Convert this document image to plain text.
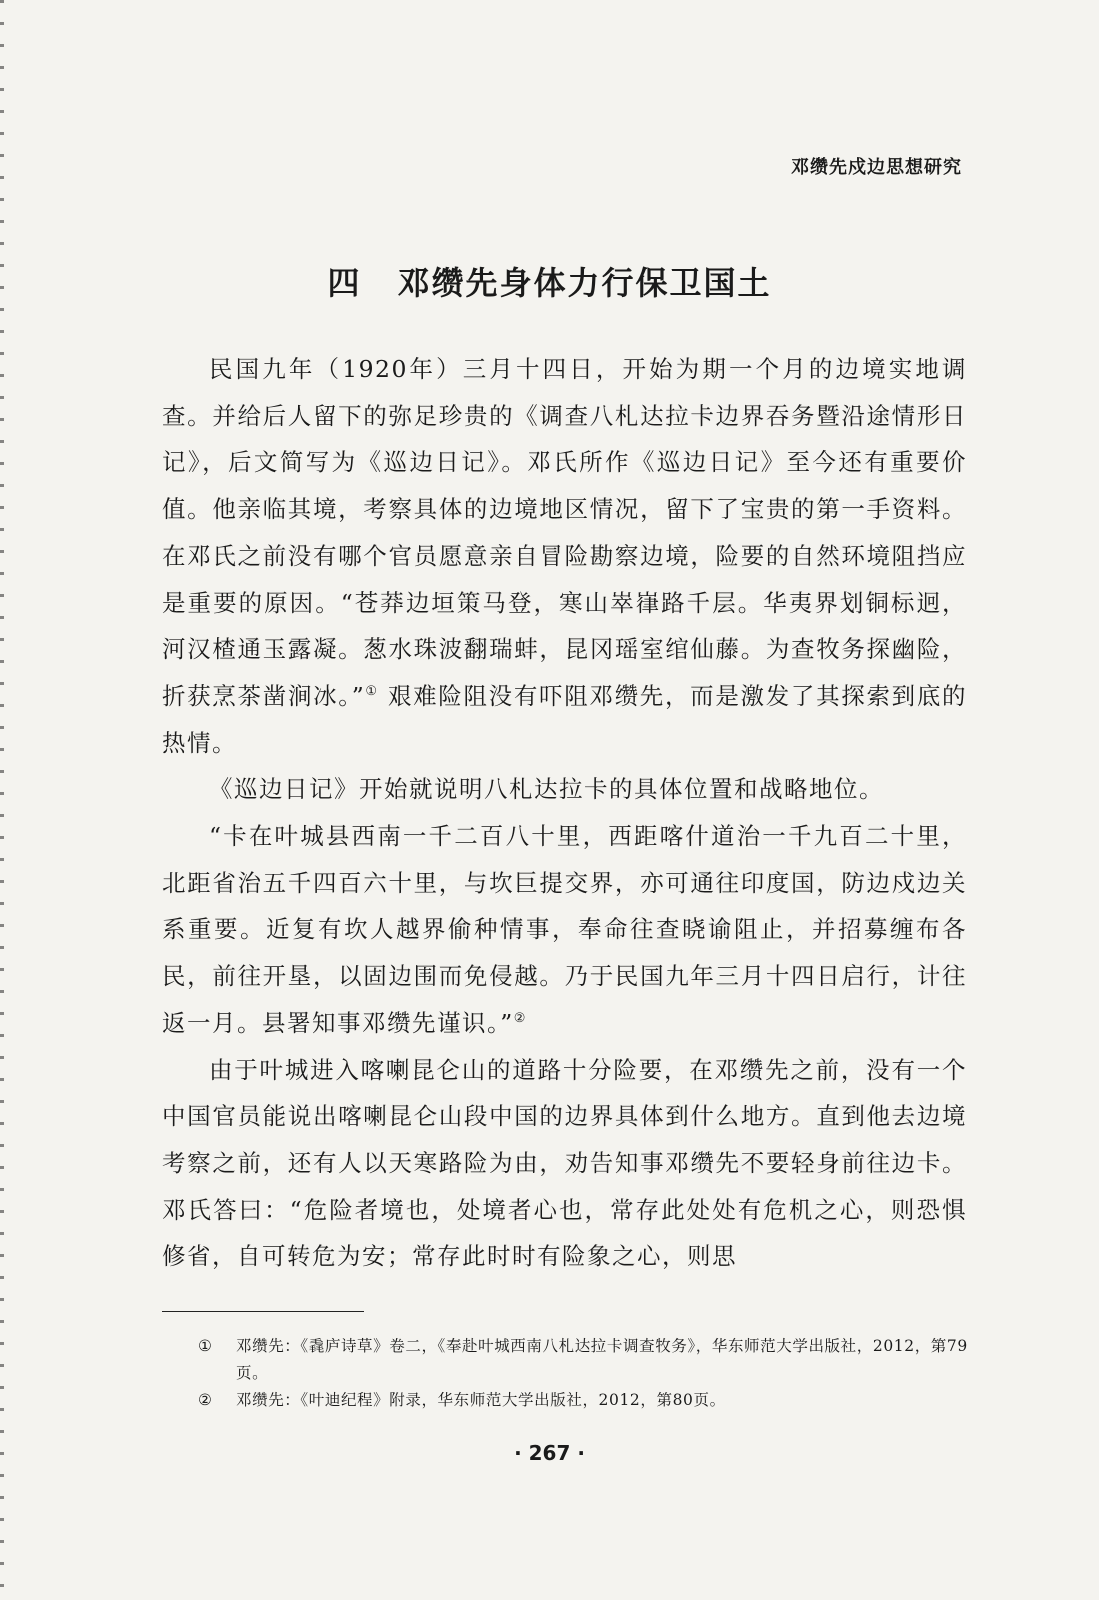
邓缵先戍边思想研究
四 邓缵先身体力行保卫国土

民国九年（1920年）三月十四日，开始为期一个月的边境实地调查。并给后人留下的弥足珍贵的《调查八札达拉卡边界吞务暨沿途情形日记》，后文简写为《巡边日记》。邓氏所作《巡边日记》至今还有重要价值。他亲临其境，考察具体的边境地区情况，留下了宝贵的第一手资料。在邓氏之前没有哪个官员愿意亲自冒险勘察边境，险要的自然环境阻挡应是重要的原因。“苍莽边垣策马登，寒山崒嵂路千层。华夷界划铜标迥，河汉楂通玉露凝。葱水珠波翻瑞蚌，昆冈瑶室绾仙藤。为查牧务探幽险，折获烹茶凿涧冰。”① 艰难险阻没有吓阻邓缵先，而是激发了其探索到底的热情。

《巡边日记》开始就说明八札达拉卡的具体位置和战略地位。

“卡在叶城县西南一千二百八十里，西距喀什道治一千九百二十里，北距省治五千四百六十里，与坎巨提交界，亦可通往印度国，防边戍边关系重要。近复有坎人越界偷种情事，奉命往查晓谕阻止，并招募缠布各民，前往开垦，以固边围而免侵越。乃于民国九年三月十四日启行，计往返一月。县署知事邓缵先谨识。”②

由于叶城进入喀喇昆仑山的道路十分险要，在邓缵先之前，没有一个中国官员能说出喀喇昆仑山段中国的边界具体到什么地方。直到他去边境考察之前，还有人以天寒路险为由，劝告知事邓缵先不要轻身前往边卡。邓氏答曰：“危险者境也，处境者心也，常存此处处有危机之心，则恐惧修省，自可转危为安；常存此时时有险象之心，则思

① 邓缵先：《毳庐诗草》卷二，《奉赴叶城西南八札达拉卡调查牧务》，华东师范大学出版社，2012，第79页。
② 邓缵先：《叶迪纪程》附录，华东师范大学出版社，2012，第80页。
· 267 ·
